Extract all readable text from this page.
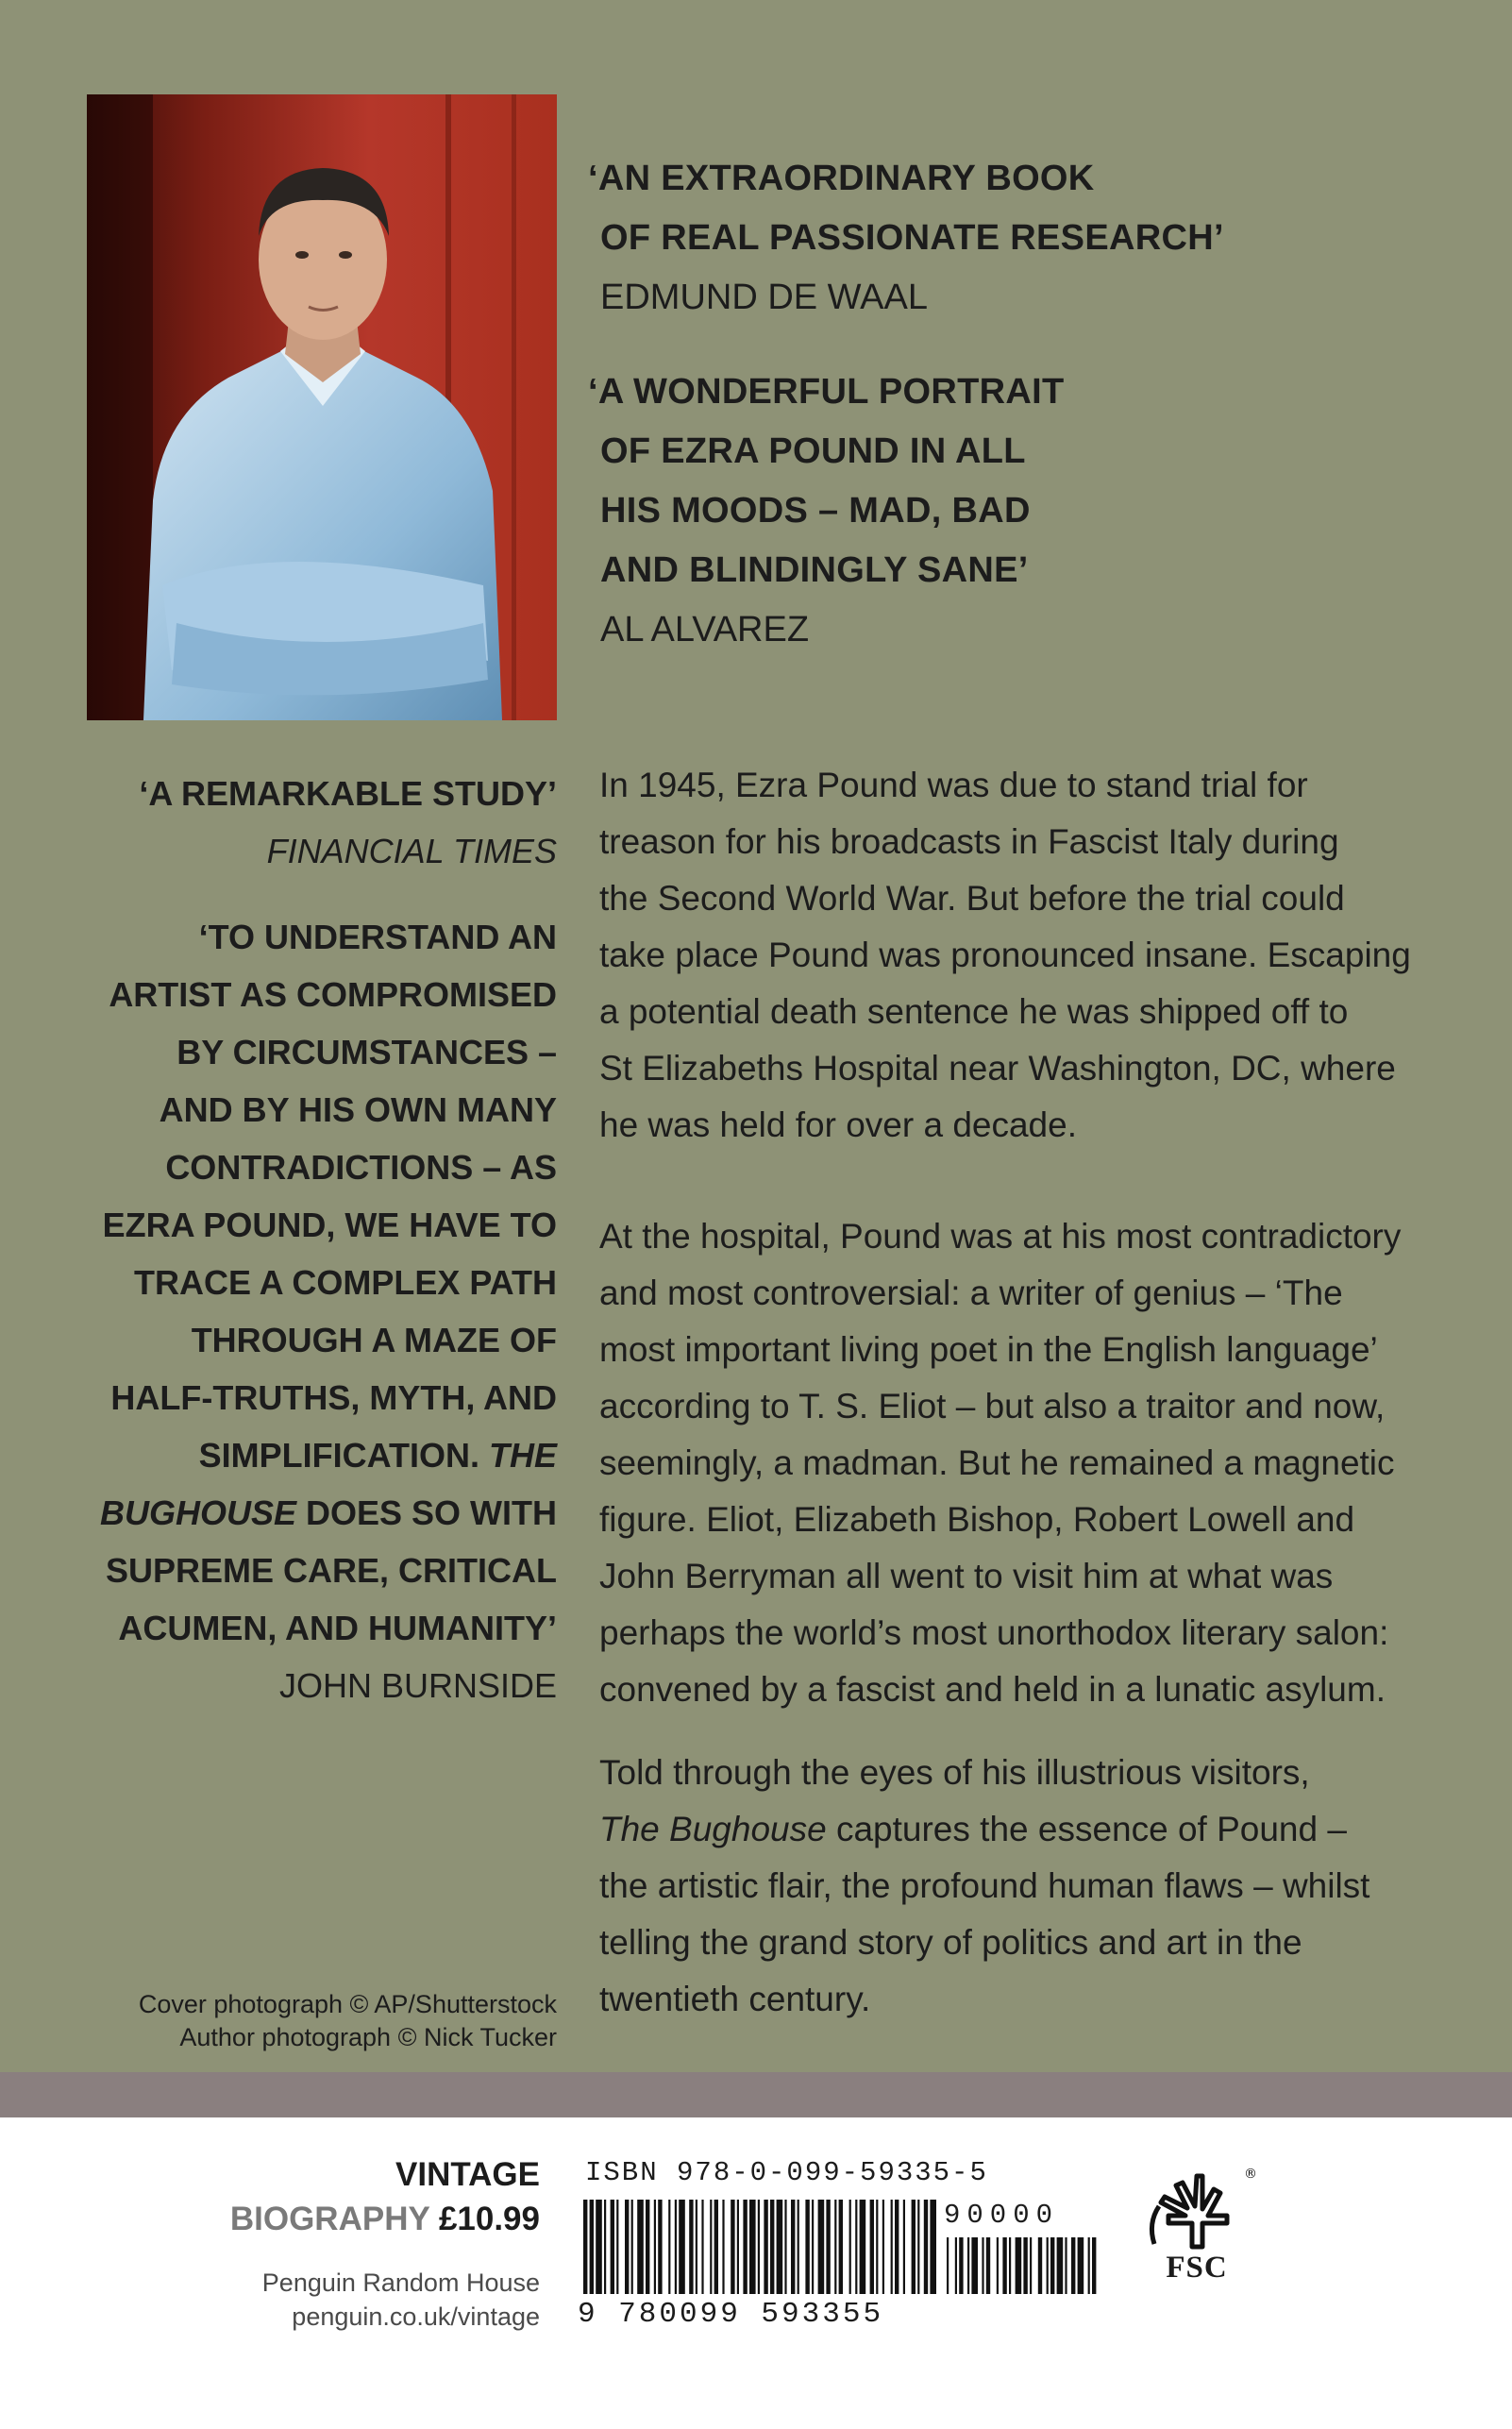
‘AN EXTRAORDINARY BOOK
OF REAL PASSIONATE RESEARCH’
EDMUND DE WAAL
‘A WONDERFUL PORTRAIT
OF EZRA POUND IN ALL
HIS MOODS – MAD, BAD
AND BLINDINGLY SANE’
AL ALVAREZ
‘A REMARKABLE STUDY’
FINANCIAL TIMES
‘TO UNDERSTAND AN
ARTIST AS COMPROMISED
BY CIRCUMSTANCES –
AND BY HIS OWN MANY
CONTRADICTIONS – AS
EZRA POUND, WE HAVE TO
TRACE A COMPLEX PATH
THROUGH A MAZE OF
HALF-TRUTHS, MYTH, AND
SIMPLIFICATION. THE
BUGHOUSE DOES SO WITH
SUPREME CARE, CRITICAL
ACUMEN, AND HUMANITY’
JOHN BURNSIDE
In 1945, Ezra Pound was due to stand trial for
treason for his broadcasts in Fascist Italy during
the Second World War. But before the trial could
take place Pound was pronounced insane. Escaping
a potential death sentence he was shipped off to
St Elizabeths Hospital near Washington, DC, where
he was held for over a decade.
At the hospital, Pound was at his most contradictory
and most controversial: a writer of genius – ‘The
most important living poet in the English language’
according to T. S. Eliot – but also a traitor and now,
seemingly, a madman. But he remained a magnetic
figure. Eliot, Elizabeth Bishop, Robert Lowell and
John Berryman all went to visit him at what was
perhaps the world’s most unorthodox literary salon:
convened by a fascist and held in a lunatic asylum.
Told through the eyes of his illustrious visitors,
The Bughouse captures the essence of Pound –
the artistic flair, the profound human flaws – whilst
telling the grand story of politics and art in the
twentieth century.
Cover photograph © AP/Shutterstock
Author photograph © Nick Tucker
VINTAGE
BIOGRAPHY £10.99
Penguin Random House
penguin.co.uk/vintage
ISBN 978-0-099-59335-5
90000
9 780099 593355
®
FSC
